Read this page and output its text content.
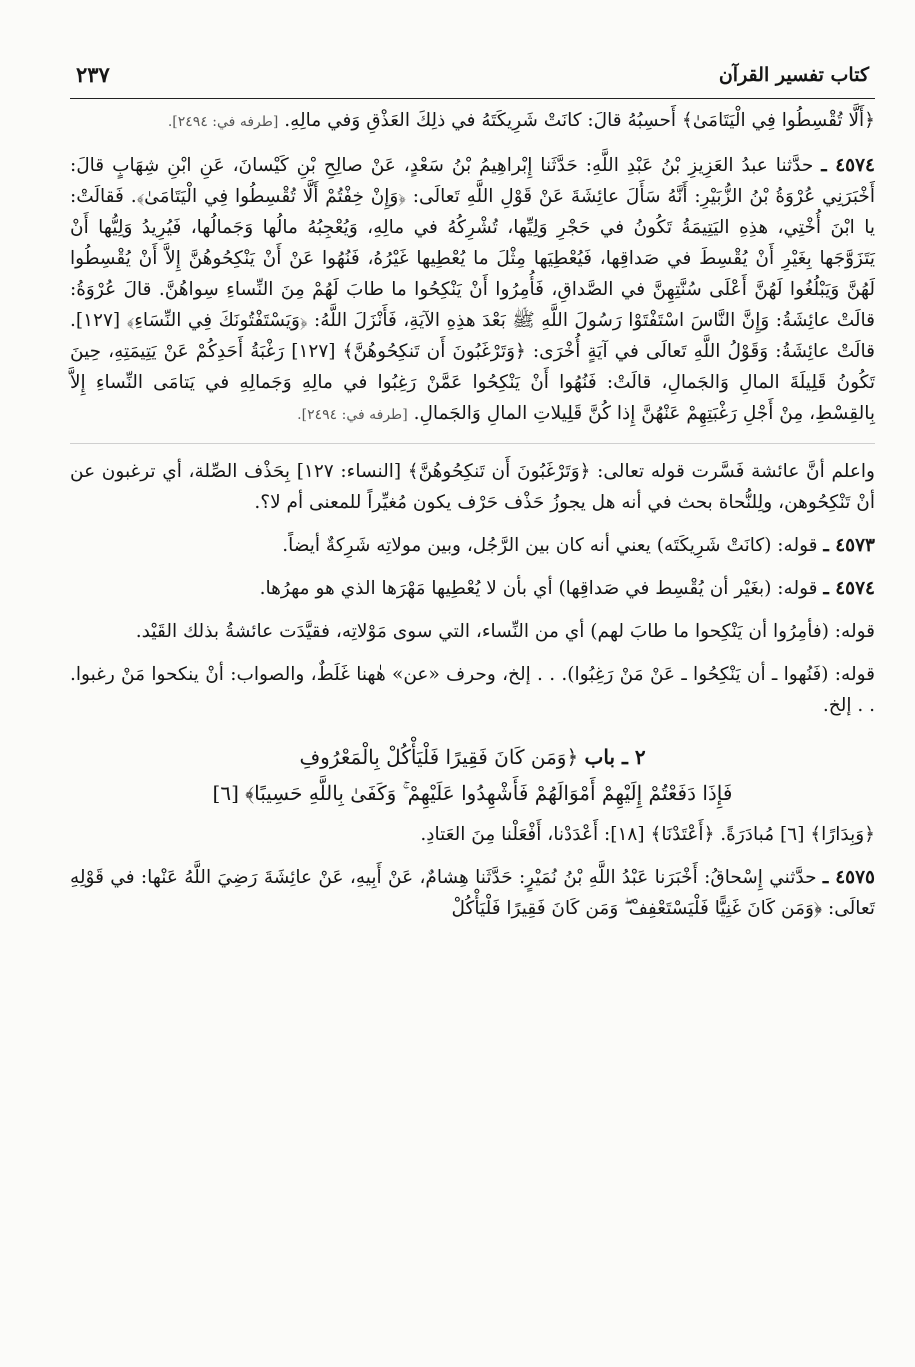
كتاب تفسير القرآن
٢٣٧

﴿أَلَّا تُقْسِطُوا فِي الْيَتَامَىٰ﴾ أَحسِبُهُ قالَ: كانَتْ شَرِيكَتَهُ في ذلِكَ العَذْقِ وَفي مالِهِ. [طرفه في: ٢٤٩٤].

٤٥٧٤ ـ حدَّثنا عبدُ العَزِيزِ بْنُ عَبْدِ اللَّهِ: حَدَّثَنا إِبْراهِيمُ بْنُ سَعْدٍ، عَنْ صالِحِ بْنِ كَيْسانَ، عَنِ ابْنِ شِهَابٍ قالَ: أَخْبَرَنِي عُرْوَةُ بْنُ الزُّبَيْرِ: أَنَّهُ سَأَلَ عائِشَةَ عَنْ قَوْلِ اللَّهِ تَعالَى: ﴿وَإِنْ خِفْتُمْ أَلَّا تُقْسِطُوا فِي الْيَتَامَىٰ﴾. فَقالَتْ: يا ابْنَ أُخْتِي، هذِهِ اليَتِيمَةُ تَكُونُ في حَجْرِ وَلِيِّها، تُشْرِكُهُ في مالِهِ، وَيُعْجِبُهُ مالُها وَجَمالُها، فَيُرِيدُ وَلِيُّها أَنْ يَتَزَوَّجَها بِغَيْرِ أَنْ يُقْسِطَ في صَداقِها، فَيُعْطِيَها مِثْلَ ما يُعْطِيها غَيْرُهُ، فَنُهُوا عَنْ أَنْ يَنْكِحُوهُنَّ إِلاَّ أَنْ يُقْسِطُوا لَهُنَّ وَيَبْلُغُوا لَهُنَّ أَعْلَى سُنَّتِهِنَّ في الصَّداقِ، فَأُمِرُوا أَنْ يَنْكِحُوا ما طابَ لَهُمْ مِنَ النِّساءِ سِواهُنَّ. قالَ عُرْوَةُ: قالَتْ عائِشَةُ: وَإِنَّ النَّاسَ اسْتَفْتَوْا رَسُولَ اللَّهِ ﷺ بَعْدَ هذِهِ الآيَةِ، فَأَنْزَلَ اللَّهُ: ﴿وَيَسْتَفْتُونَكَ فِي النِّسَاءِ﴾ [١٢٧]. قالَتْ عائِشَةُ: وَقَوْلُ اللَّهِ تَعالَى في آيَةٍ أُخْرَى: ﴿وَتَرْغَبُونَ أَن تَنكِحُوهُنَّ﴾ [١٢٧] رَغْبَةُ أَحَدِكُمْ عَنْ يَتِيمَتِهِ، حِينَ تَكُونُ قَلِيلَةَ المالِ وَالجَمالِ، قالَتْ: فَنُهُوا أَنْ يَنْكِحُوا عَمَّنْ رَغِبُوا في مالِهِ وَجَمالِهِ في يَتامَى النِّساءِ إِلاَّ بِالقِسْطِ، مِنْ أَجْلِ رَغْبَتِهِمْ عَنْهُنَّ إِذا كُنَّ قَلِيلاتِ المالِ وَالجَمالِ. [طرفه في: ٢٤٩٤].

واعلم أنَّ عائشة فَسَّرت قوله تعالى: ﴿وَتَرْغَبُونَ أَن تَنكِحُوهُنَّ﴾ [النساء: ١٢٧] بِحَذْف الصِّلة، أي ترغبون عن أنْ تَنْكِحُوهن، ولِلنُّحاة بحث في أنه هل يجوزُ حَذْف حَرْف يكون مُغيِّراً للمعنى أم لا؟.

٤٥٧٣ ـ قوله: (كانَتْ شَرِيكَتَه) يعني أنه كان بين الرَّجُل، وبين مولاتِه شَرِكةٌ أيضاً.

٤٥٧٤ ـ قوله: (بغَيْر أن يُقْسِط في صَداقِها) أي بأن لا يُعْطِيها مَهْرَها الذي هو مهرُها.

قوله: (فأمِرُوا أن يَنْكِحوا ما طابَ لهم) أي من النِّساء، التي سوى مَوْلاتِه، فقيَّدَت عائشةُ بذلك القَيْد.

قوله: (فَنُهوا ـ أن يَنْكِحُوا ـ عَنْ مَنْ رَغِبُوا). . . إلخ، وحرف «عن» هٰهنا غَلَطٌ، والصواب: أنْ ينكحوا مَنْ رغبوا. . . إلخ.

٢ ـ باب ﴿وَمَن كَانَ فَقِيرًا فَلْيَأْكُلْ بِالْمَعْرُوفِ
فَإِذَا دَفَعْتُمْ إِلَيْهِمْ أَمْوَالَهُمْ فَأَشْهِدُوا عَلَيْهِمْ ۚ وَكَفَىٰ بِاللَّهِ حَسِيبًا﴾ [٦]

﴿وَبِدَارًا﴾ [٦] مُبادَرَةً. ﴿أَعْتَدْنَا﴾ [١٨]: أَعْدَدْنا، أَفْعَلْنا مِنَ العَتادِ.

٤٥٧٥ ـ حدَّثني إِسْحاقُ: أَخْبَرَنا عَبْدُ اللَّهِ بْنُ نُمَيْرٍ: حَدَّثَنا هِشامٌ، عَنْ أَبِيهِ، عَنْ عائِشَةَ رَضِيَ اللَّهُ عَنْها: في قَوْلِهِ تَعالَى: ﴿وَمَن كَانَ غَنِيًّا فَلْيَسْتَعْفِفْ ۖ وَمَن كَانَ فَقِيرًا فَلْيَأْكُلْ
